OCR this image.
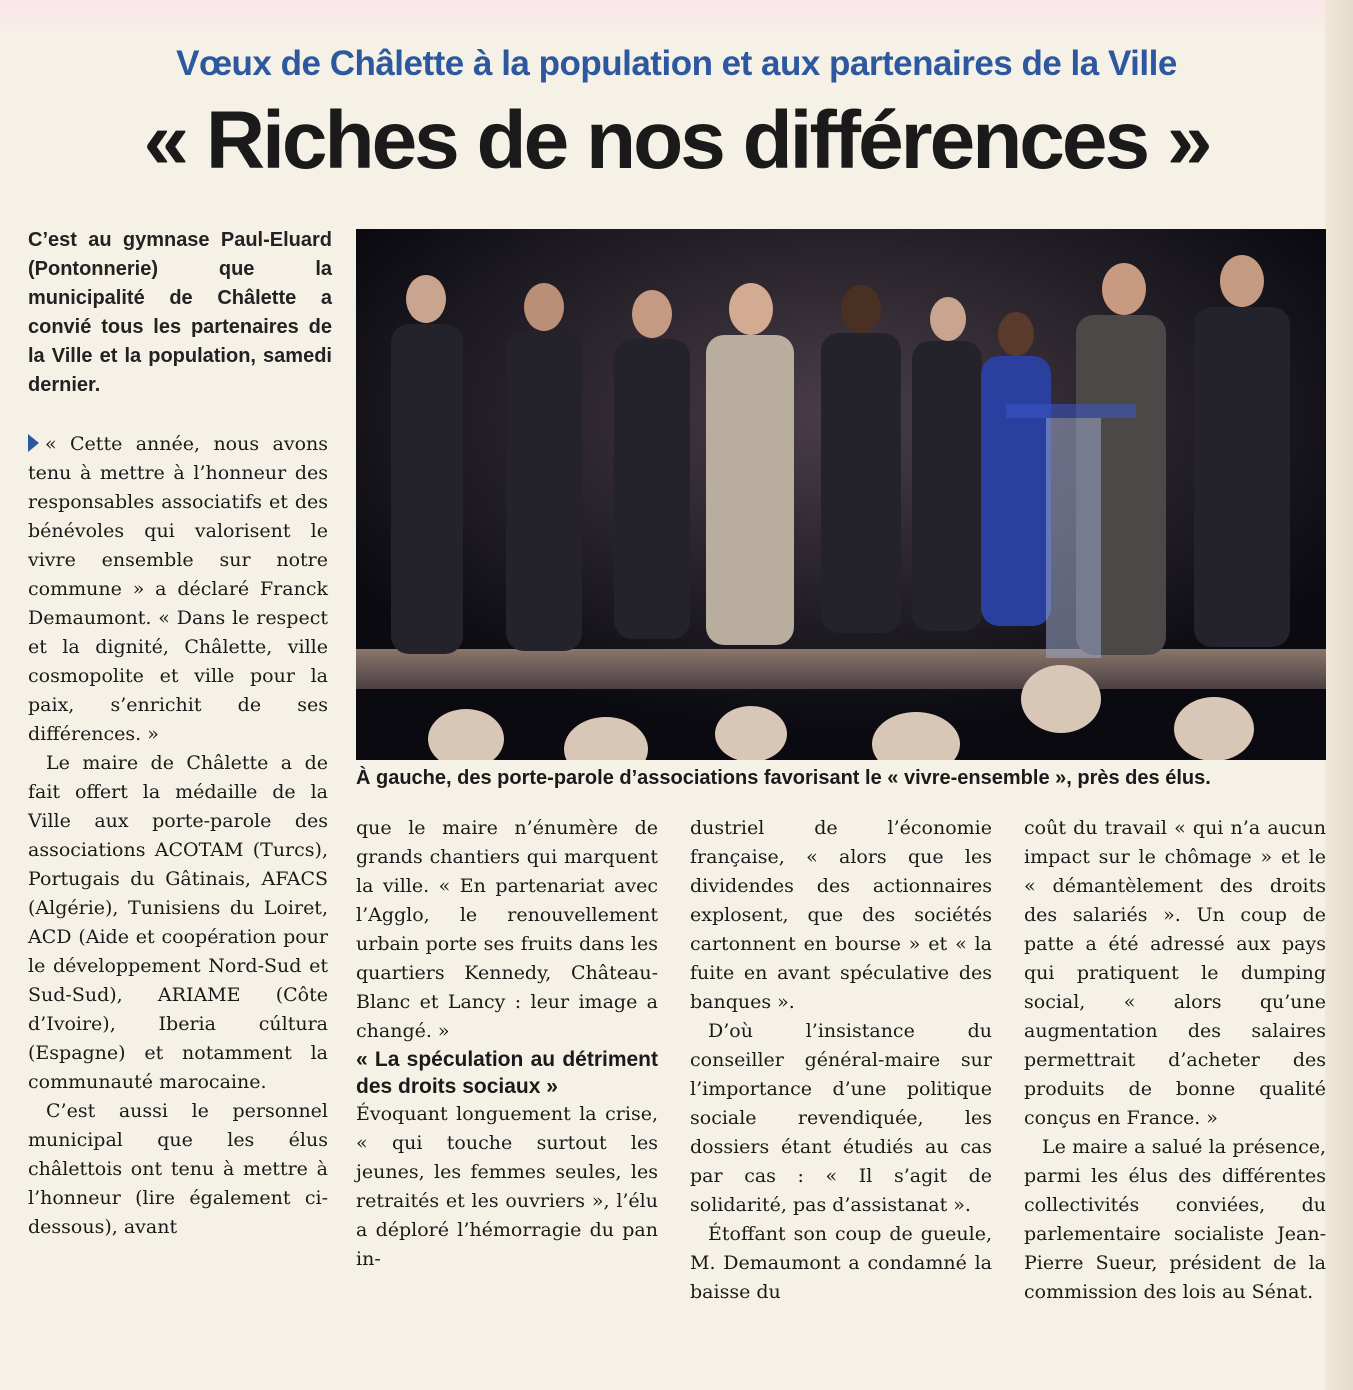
Vœux de Châlette à la population et aux partenaires de la Ville
« Riches de nos différences »
C’est au gymnase Paul-Eluard (Pontonnerie) que la municipalité de Châlette a convié tous les partenaires de la Ville et la population, samedi dernier.

« Cette année, nous avons tenu à mettre à l’honneur des responsables associatifs et des bénévoles qui valorisent le vivre ensemble sur notre commune » a déclaré Franck Demaumont. « Dans le respect et la dignité, Châlette, ville cosmopolite et ville pour la paix, s’enrichit de ses différences. »

Le maire de Châlette a de fait offert la médaille de la Ville aux porte-parole des associations ACOTAM (Turcs), Portugais du Gâtinais, AFACS (Algérie), Tunisiens du Loiret, ACD (Aide et coopération pour le développement Nord-Sud et Sud-Sud), ARIAME (Côte d’Ivoire), Iberia cúltura (Espagne) et notamment la communauté marocaine.

C’est aussi le personnel municipal que les élus châlettois ont tenu à mettre à l’honneur (lire également ci-dessous), avant

À gauche, des porte-parole d’associations favorisant le « vivre-ensemble », près des élus.

que le maire n’énumère de grands chantiers qui marquent la ville. « En partenariat avec l’Agglo, le renouvellement urbain porte ses fruits dans les quartiers Kennedy, Château-Blanc et Lancy : leur image a changé. »

« La spéculation au détriment des droits sociaux »

Évoquant longuement la crise, « qui touche surtout les jeunes, les femmes seules, les retraités et les ouvriers », l’élu a déploré l’hémorragie du pan in-

dustriel de l’économie française, « alors que les dividendes des actionnaires explosent, que des sociétés cartonnent en bourse » et « la fuite en avant spéculative des banques ».

D’où l’insistance du conseiller général-maire sur l’importance d’une politique sociale revendiquée, les dossiers étant étudiés au cas par cas : « Il s’agit de solidarité, pas d’assistanat ».

Étoffant son coup de gueule, M. Demaumont a condamné la baisse du

coût du travail « qui n’a aucun impact sur le chômage » et le « démantèlement des droits des salariés ». Un coup de patte a été adressé aux pays qui pratiquent le dumping social, « alors qu’une augmentation des salaires permettrait d’acheter des produits de bonne qualité conçus en France. »

Le maire a salué la présence, parmi les élus des différentes collectivités conviées, du parlementaire socialiste Jean-Pierre Sueur, président de la commission des lois au Sénat.
